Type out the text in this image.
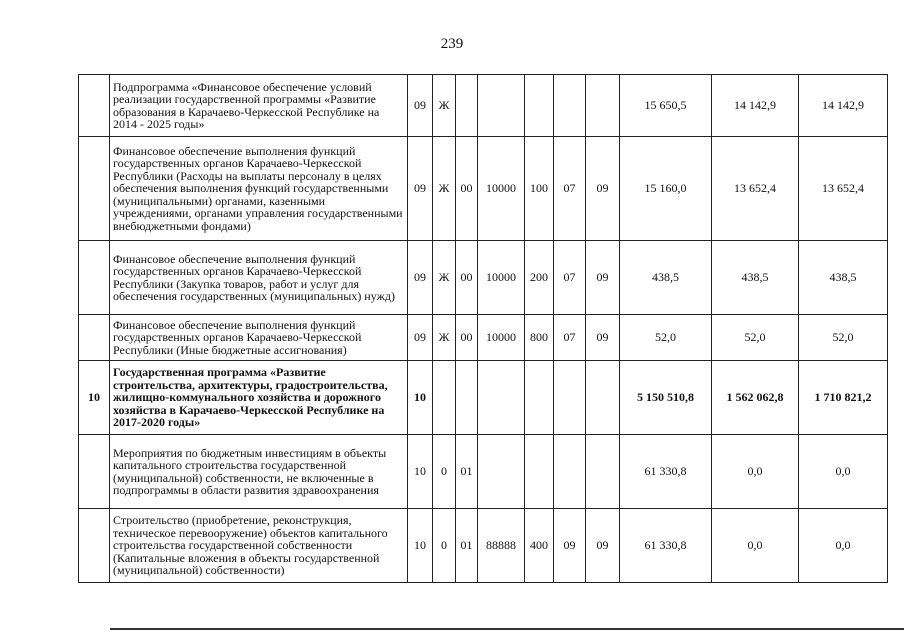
239
	Подпрограмма «Финансовое обеспечение условий реализации государственной программы «Развитие образования в Карачаево-Черкесской Республике на 2014 - 2025 годы»	09	Ж						15 650,5	14 142,9	14 142,9
	Финансовое обеспечение выполнения функций государственных органов Карачаево-Черкесской Республики (Расходы на выплаты персоналу в целях обеспечения выполнения функций государственными (муниципальными) органами, казенными учреждениями, органами управления государственными внебюджетными фондами)	09	Ж	00	10000	100	07	09	15 160,0	13 652,4	13 652,4
	Финансовое обеспечение выполнения функций государственных органов Карачаево-Черкесской Республики (Закупка товаров, работ и услуг для обеспечения государственных (муниципальных) нужд)	09	Ж	00	10000	200	07	09	438,5	438,5	438,5
	Финансовое обеспечение выполнения функций государственных органов Карачаево-Черкесской Республики (Иные бюджетные ассигнования)	09	Ж	00	10000	800	07	09	52,0	52,0	52,0
10	Государственная программа «Развитие строительства, архитектуры, градостроительства, жилищно-коммунального хозяйства и дорожного хозяйства в Карачаево-Черкесской Республике на 2017-2020 годы»	10							5 150 510,8	1 562 062,8	1 710 821,2
	Мероприятия по бюджетным инвестициям в объекты капитального строительства государственной (муниципальной) собственности, не включенные в подпрограммы в области развития здравоохранения	10	0	01					61 330,8	0,0	0,0
	Строительство (приобретение, реконструкция, техническое перевооружение) объектов капитального строительства государственной собственности (Капитальные вложения в объекты государственной (муниципальной) собственности)	10	0	01	88888	400	09	09	61 330,8	0,0	0,0
